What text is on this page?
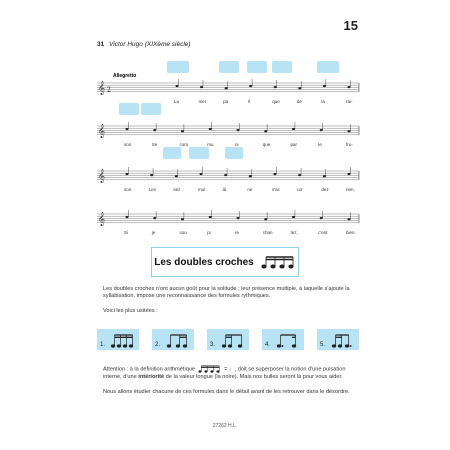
15
31 Victor Hugo (XIXème siècle)
Allegretto
𝄞 2
La	mer	pa	rl	que	de	la	rai-
𝄞
son	Se	com	mu	ni	que	par	le	fru-
𝄞
son	Les	sez	moi	là	ne	s'ac	cor	dez	rien,
𝄞
Si	je	sou	pi	re	chan	tez,	c'est	bien.
Les doubles croches
Les doubles croches n'ont aucun goût pour la solitude ; leur présence multiple, à laquelle s'ajoute la syllabisation, impose une reconnaissance des formules rythmiques.
Voici les plus usitées :
1.	2.	3.	4.	5.
Attention : à la définition arithmétique	= ♩, doit se superposer la notion d'une pulsation interne, d'une intériorité de la valeur longue (la noire). Mais nos bulles seront là pour vous aider.
Nous allons étudier chacune de ces formules dans le détail avant de les retrouver dans le désordre.
27262 H.L.
